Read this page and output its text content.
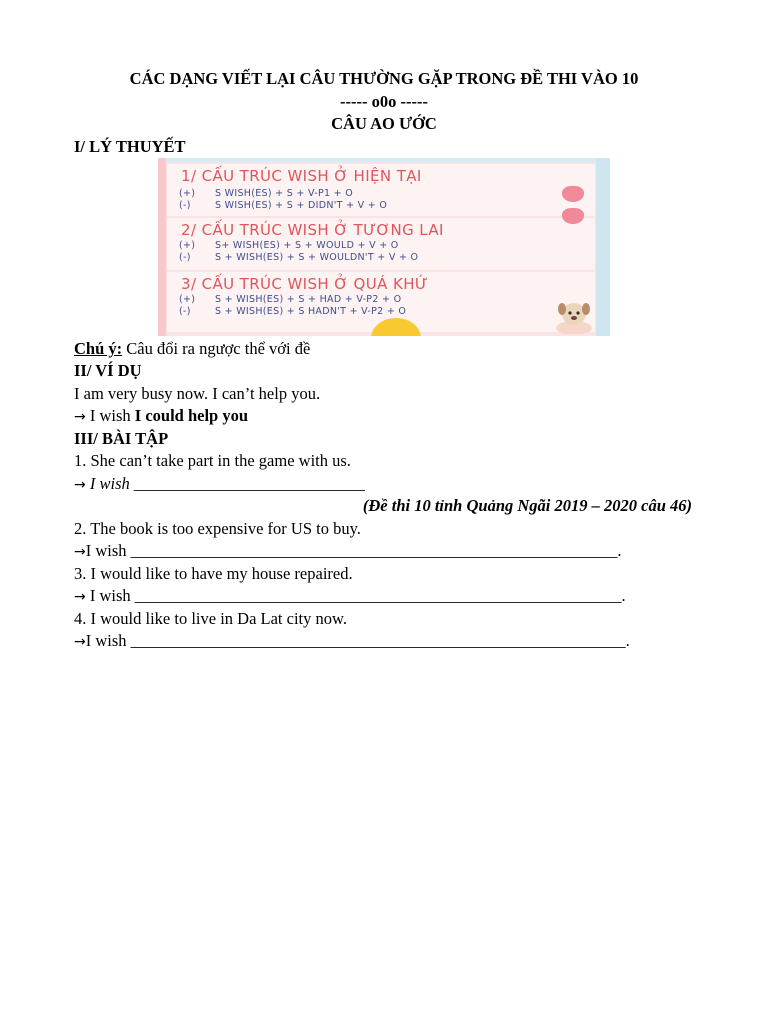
CÁC DẠNG VIẾT LẠI CÂU THƯỜNG GẶP TRONG ĐỀ THI VÀO 10
----- o0o -----
CÂU AO ƯỚC
I/ LÝ THUYẾT
1/ CẤU TRÚC WISH Ở HIỆN TẠI
(+) S WISH(ES) + S + V-P1 + O
(-)	S WISH(ES) + S + DIDN'T + V + O
2/ CẤU TRÚC WISH Ở TƯƠNG LAI
(+) S+ WISH(ES) + S + WOULD + V + O
(-)	S + WISH(ES) + S + WOULDN'T + V + O
3/ CẤU TRÚC WISH Ở QUÁ KHỨ
(+) S + WISH(ES) + S + HAD + V-P2 + O
(-)	S + WISH(ES) + S HADN'T + V-P2 + O
Chú ý: Câu đổi ra ngược thể với đề
II/ VÍ DỤ
I am very busy now. I can’t help you.
→ I wish I could help you
III/ BÀI TẬP
1. She can’t take part in the game with us.
→ I wish ____________________________
(Đề thi 10 tỉnh Quảng Ngãi 2019 – 2020 câu 46)
2. The book is too expensive for US to buy.
→I wish ___________________________________________________________.
3. I would like to have my house repaired.
→ I wish ___________________________________________________________.
4. I would like to live in Da Lat city now.
→I wish ____________________________________________________________.
